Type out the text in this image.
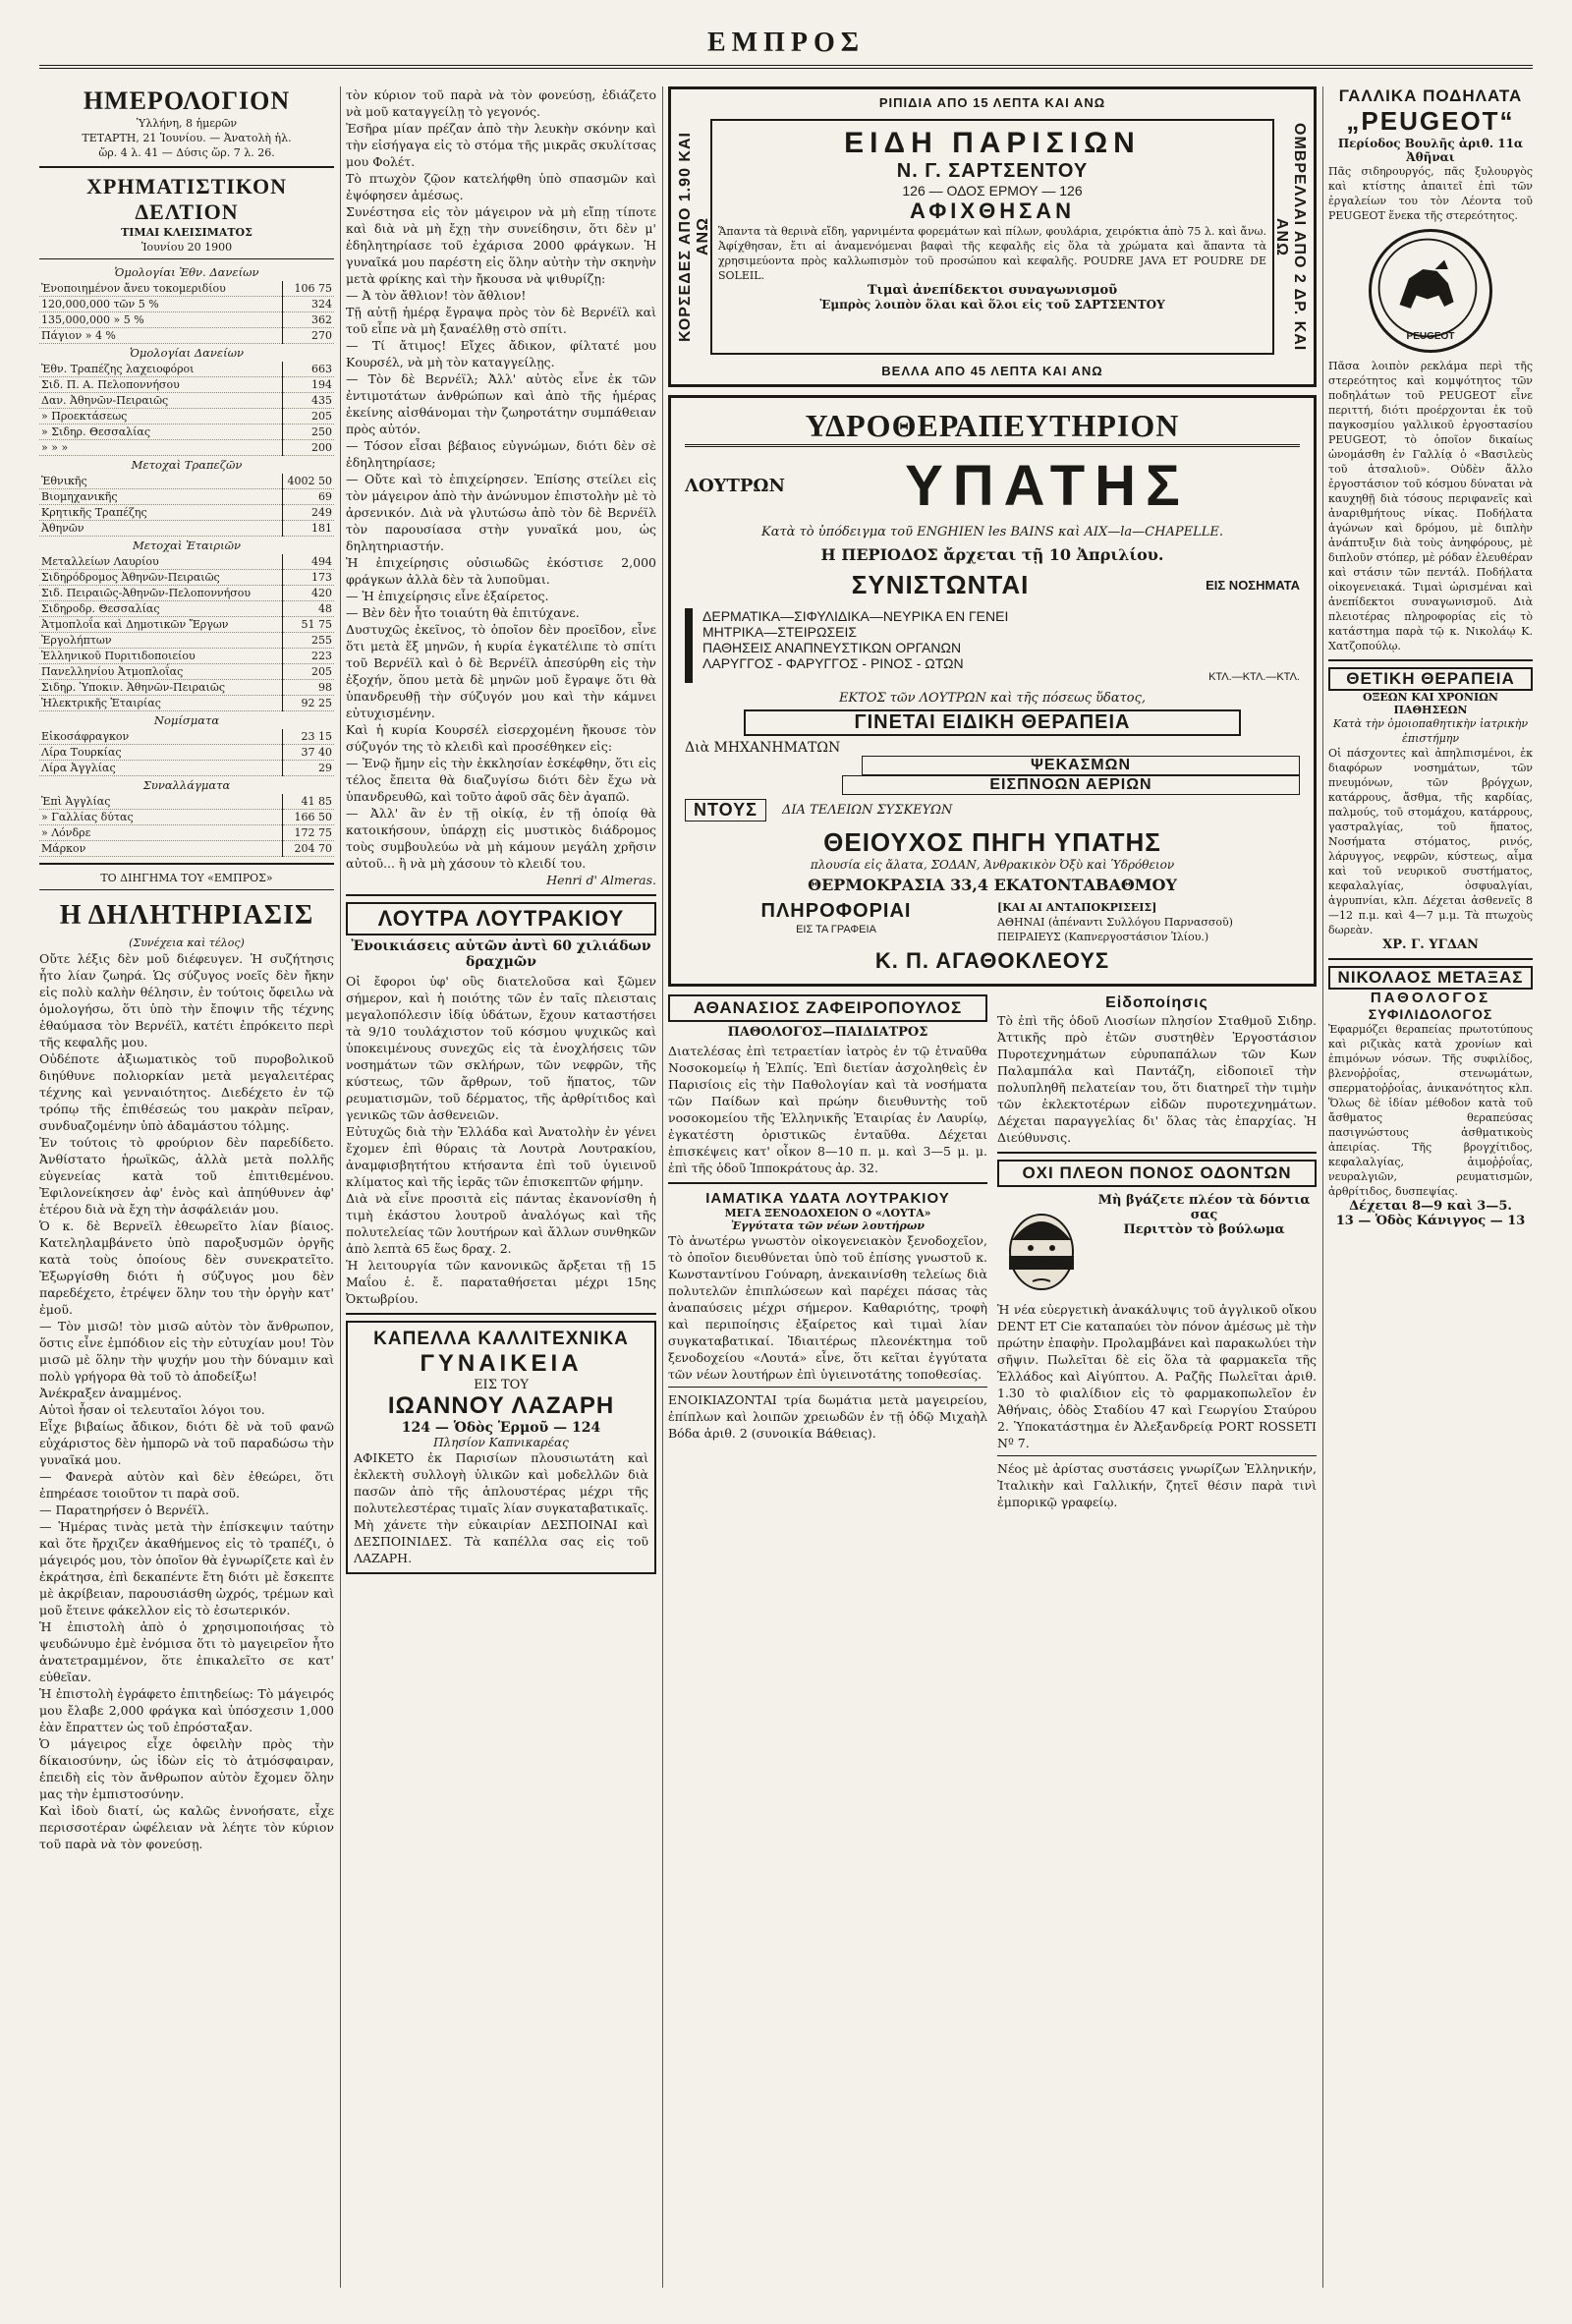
ΕΜΠΡΟΣ
ΗΜΕΡΟΛΟΓΙΟΝ
Ὑλλήνη, 8 ἡμερῶν
ΤΕΤΑΡΤΗ, 21 Ἰουνίου. — Ἀνατολὴ ἡλ.
ὥρ. 4 λ. 41 — Δύσις ὥρ. 7 λ. 26.
ΧΡΗΜΑΤΙΣΤΙΚΟΝ ΔΕΛΤΙΟΝ
ΤΙΜΑΙ ΚΛΕΙΣΙΜΑΤΟΣ
Ἰουνίου 20 1900
Ὁμολογίαι Ἐθν. Δανείων
Ἐνοποιημένον ἄνευ τοκομεριδίου	106 75
120,000,000 τῶν 5 %	324
135,000,000 » 5 %	362
Πάγιον » 4 %	270
Ὁμολογίαι Δανείων
Ἐθν. Τραπέζης λαχειοφόροι	663
Σιδ. Π. Α. Πελοποννήσου	194
Δαν. Ἀθηνῶν-Πειραιῶς	435
» Προεκτάσεως	205
» Σιδηρ. Θεσσαλίας	250
» » »	200
Μετοχαὶ Τραπεζῶν
Ἐθνικῆς	4002 50
Βιομηχανικῆς	69
Κρητικῆς Τραπέζης	249
Ἀθηνῶν	181
Μετοχαὶ Ἑταιριῶν
Μεταλλείων Λαυρίου	494
Σιδηρόδρομος Ἀθηνῶν-Πειραιῶς	173
Σιδ. Πειραιῶς-Ἀθηνῶν-Πελοποννήσου	420
Σιδηροδρ. Θεσσαλίας	48
Ἀτμοπλοΐα καὶ Δημοτικῶν Ἔργων	51 75
Ἐργολήπτων	255
Ἑλληνικοῦ Πυριτιδοποιείου	223
Πανελληνίου Ἀτμοπλοΐας	205
Σιδηρ. Ὑποκιν. Ἀθηνῶν-Πειραιῶς	98
Ἠλεκτρικῆς Ἑταιρίας	92 25
Νομίσματα
Εἰκοσάφραγκον	23 15
Λίρα Τουρκίας	37 40
Λίρα Ἀγγλίας	29
Συναλλάγματα
Ἐπὶ Ἀγγλίας	41 85
» Γαλλίας δύτας	166 50
» Λόνδρε	172 75
Μάρκον	204 70
ΤΟ ΔΙΗΓΗΜΑ ΤΟΥ «ΕΜΠΡΟΣ»
Η ΔΗΛΗΤΗΡΙΑΣΙΣ
(Συνέχεια καὶ τέλος)

Οὔτε λέξις δὲν μοῦ διέφευγεν. Ἡ συζήτησις ἦτο λίαν ζωηρά. Ὡς σύζυγος νοεῖς δὲν ἤκην εἰς πολὺ καλὴν θέλησιν, ἐν τούτοις ὄφειλω νὰ ὁμολογήσω, ὅτι ὑπὸ τὴν ἔποψιν τῆς τέχνης ἐθαύμασα τὸν Βερνέϊλ, κατέτι ἐπρόκειτο περὶ τῆς κεφαλῆς μου.

Οὐδέποτε ἀξιωματικὸς τοῦ πυροβολικοῦ διηύθυνε πολιορκίαν μετὰ μεγαλειτέρας τέχνης καὶ γενναιότητος. Διεδέχετο ἐν τῷ τρόπῳ τῆς ἐπιθέσεώς του μακρὰν πεῖραν, συνδυαζομένην ὑπὸ ἀδαμάστου τόλμης.

Ἐν τούτοις τὸ φρούριον δὲν παρεδίδετο. Ἀνθίστατο ἡρωϊκῶς, ἀλλὰ μετὰ πολλῆς εὐγενείας κατὰ τοῦ ἐπιτιθεμένου. Ἐφιλονείκησεν ἀφ' ἑνὸς καὶ ἀπηύθυνεν ἀφ' ἑτέρου διὰ νὰ ἔχη τὴν ἀσφάλειάν μου.

Ὁ κ. δὲ Βερνεϊλ ἐθεωρεῖτο λίαν βίαιος. Κατεληλαμβάνετο ὑπὸ παροξυσμῶν ὀργῆς κατὰ τοὺς ὁποίους δὲν συνεκρατεῖτο. Ἐξωργίσθη διότι ἡ σύζυγος μου δὲν παρεδέχετο, ἐτρέψεν ὅλην του τὴν ὀργὴν κατ' ἐμοῦ.

— Τὸν μισῶ! τὸν μισῶ αὐτὸν τὸν ἄνθρωπον, ὅστις εἶνε ἐμπόδιον εἰς τὴν εὐτυχίαν μου! Τὸν μισῶ μὲ ὅλην τὴν ψυχήν μου τὴν δύναμιν καὶ πολὺ γρήγορα θὰ τοῦ τὸ ἀποδείξω!

Ἀνέκραξεν ἀναμμένος.

Αὐτοὶ ἦσαν οἱ τελευταῖοι λόγοι του.

Εἶχε βιβαίως ἄδικον, διότι δὲ νὰ τοῦ φανῶ εὐχάριστος δὲν ἠμπορῶ νὰ τοῦ παραδώσω τὴν γυναῖκά μου.

— Φανερὰ αὐτὸν καὶ δὲν ἐθεώρει, ὅτι ἐπηρέασε τοιοῦτον τι παρὰ σοῦ.

— Παρατηρήσεν ὁ Βερνέϊλ.

— Ἡμέρας τινὰς μετὰ τὴν ἐπίσκεψιν ταύτην καὶ ὅτε ἤρχιζεν ἀκαθήμενος εἰς τὸ τραπέζι, ὁ μάγειρός μου, τὸν ὁποῖον θὰ ἐγνωρίζετε καὶ ἐν ἐκράτησα, ἐπὶ δεκαπέντε ἔτη διότι μὲ ἔσκεπτε μὲ ἀκρίβειαν, παρουσιάσθη ὠχρός, τρέμων καὶ μοῦ ἔτεινε φάκελλον εἰς τὸ ἐσωτερικόν.

Ἡ ἐπιστολὴ ἀπὸ ὁ χρησιμοποιήσας τὸ ψευδώνυμο ἐμὲ ἐνόμισα ὅτι τὸ μαγειρεῖον ἦτο ἀνατετραμμένον, ὅτε ἐπικαλεῖτο σε κατ' εὐθεῖαν.

Ἡ ἐπιστολὴ ἐγράφετο ἐπιτηδείως: Τὸ μάγειρός μου ἔλαβε 2,000 φράγκα καὶ ὑπόσχεσιν 1,000 ἐὰν ἔπραττεν ὡς τοῦ ἐπρόσταξαν.

Ὁ μάγειρος εἶχε ὀφειλὴν πρὸς τὴν δίκαιοσύνην, ὡς ἰδὼν εἰς τὸ ἀτμόσφαιραν, ἐπειδὴ εἰς τὸν ἄνθρωπον αὐτὸν ἔχομεν ὅλην μας τὴν ἐμπιστοσύνην.

Καὶ ἰδοὺ διατί, ὡς καλῶς ἐννοήσατε, εἶχε περισσοτέραν ὠφέλειαν νὰ λέητε τὸν κύριον τοῦ παρὰ νὰ τὸν φονεύσῃ.

τὸν κύριον τοῦ παρὰ νὰ τὸν φονεύσῃ, ἐδιάζετο νὰ μοῦ καταγγείλῃ τὸ γεγονός.

Ἐσῆρα μίαν πρέζαν ἀπὸ τὴν λευκὴν σκόνην καὶ τὴν εἰσήγαγα εἰς τὸ στόμα τῆς μικρᾶς σκυλίτσας μου Φολέτ.

Τὸ πτωχὸν ζῷον κατελήφθη ὑπὸ σπασμῶν καὶ ἐψόφησεν ἀμέσως.

Συνέστησα εἰς τὸν μάγειρον νὰ μὴ εἴπῃ τίποτε καὶ διὰ νὰ μὴ ἔχῃ τὴν συνείδησιν, ὅτι δὲν μ' ἐδηλητηρίασε τοῦ ἐχάρισα 2000 φράγκων. Ἡ γυναῖκά μου παρέστη εἰς ὅλην αὐτὴν τὴν σκηνὴν μετὰ φρίκης καὶ τὴν ἤκουσα νὰ ψιθυρίζῃ:

— Ἀ τὸν ἄθλιον! τὸν ἄθλιον!

Τῇ αὐτῇ ἡμέρᾳ ἔγραψα πρὸς τὸν δὲ Βερνέϊλ καὶ τοῦ εἶπε νὰ μὴ ξαναέλθῃ στὸ σπίτι.

— Τί ἄτιμος! Εἴχες ἄδικον, φίλτατέ μου Κουρσέλ, νὰ μὴ τὸν καταγγείλῃς.

— Τὸν δὲ Βερνέϊλ; Ἀλλ' αὐτὸς εἶνε ἐκ τῶν ἐντιμοτάτων ἀνθρώπων καὶ ἀπὸ τῆς ἡμέρας ἐκείνης αἰσθάνομαι τὴν ζωηροτάτην συμπάθειαν πρὸς αὐτόν.

— Τόσον εἶσαι βέβαιος εὐγνώμων, διότι δὲν σὲ ἐδηλητηρίασε;

— Οὔτε καὶ τὸ ἐπιχείρησεν. Ἐπίσης στείλει εἰς τὸν μάγειρον ἀπὸ τὴν ἀνώνυμον ἐπιστολὴν μὲ τὸ ἀρσενικόν. Διὰ νὰ γλυτώσω ἀπὸ τὸν δὲ Βερνέϊλ τὸν παρουσίασα στὴν γυναῖκά μου, ὡς δηλητηριαστήν.

Ἡ ἐπιχείρησις οὐσιωδῶς ἐκόστισε 2,000 φράγκων ἀλλὰ δὲν τὰ λυποῦμαι.

— Ἡ ἐπιχείρησις εἶνε ἐξαίρετος.

— Βὲν δὲν ἦτο τοιαύτη θὰ ἐπιτύχανε.

Δυστυχῶς ἐκεῖνος, τὸ ὁποῖον δὲν προεῖδον, εἶνε ὅτι μετὰ ἕξ μηνῶν, ἡ κυρία ἐγκατέλιπε τὸ σπίτι τοῦ Βερνέϊλ καὶ ὁ δὲ Βερνέϊλ ἀπεσύρθη εἰς τὴν ἐξοχήν, ὅπου μετὰ δὲ μηνῶν μοῦ ἔγραψε ὅτι θὰ ὑπανδρευθῇ τὴν σύζυγόν μου καὶ τὴν κάμνει εὐτυχισμένην.

Καὶ ἡ κυρία Κουρσέλ εἰσερχομένη ἤκουσε τὸν σύζυγόν της τὸ κλειδὶ καὶ προσέθηκεν εἰς:

— Ἐνῷ ἤμην εἰς τὴν ἐκκλησίαν ἐσκέφθην, ὅτι εἰς τέλος ἔπειτα θὰ διαζυγίσω διότι δὲν ἔχω νὰ ὑπανδρευθῶ, καὶ τοῦτο ἀφοῦ σᾶς δὲν ἀγαπῶ.

— Ἀλλ' ἂν ἐν τῇ οἰκίᾳ, ἐν τῇ ὁποίᾳ θὰ κατοικήσουν, ὑπάρχῃ εἰς μυστικὸς διάδρομος τοὺς συμβουλεύω νὰ μὴ κάμουν μεγάλη χρῆσιν αὐτοῦ... ἢ νὰ μὴ χάσουν τὸ κλειδί του.

Henri d' Almeras.

ΛΟΥΤΡΑ ΛΟΥΤΡΑΚΙΟΥ
Ἐνοικιάσεις αὐτῶν ἀντὶ 60 χιλιάδων δραχμῶν

Οἱ ἔφοροι ὑφ' οὓς διατελοῦσα καὶ ξῶμεν σήμερον, καὶ ἡ ποιότης τῶν ἐν ταῖς πλεισταις μεγαλοπόλεσιν ἰδίᾳ ὑδάτων, ἔχουν καταστήσει τὰ 9/10 τουλάχιστον τοῦ κόσμου ψυχικῶς καὶ ὑποκειμένους συνεχῶς εἰς τὰ ἐνοχλήσεις τῶν νοσημάτων τῶν σκλήρων, τῶν νεφρῶν, τῆς κύστεως, τῶν ἄρθρων, τοῦ ἥπατος, τῶν ρευματισμῶν, τοῦ δέρματος, τῆς ἀρθρίτιδος καὶ γενικῶς τῶν ἀσθενειῶν.

Εὐτυχῶς διὰ τὴν Ἑλλάδα καὶ Ἀνατολὴν ἐν γένει ἔχομεν ἐπὶ θύραις τὰ Λουτρὰ Λουτρακίου, ἀναμφισβητήτου κτήσαντα ἐπὶ τοῦ ὑγιεινοῦ κλίματος καὶ τῆς ἱερᾶς τῶν ἐπισκεπτῶν φήμην.

Διὰ νὰ εἶνε προσιτὰ εἰς πάντας ἐκανονίσθη ἡ τιμὴ ἑκάστου λουτροῦ ἀναλόγως καὶ τῆς πολυτελείας τῶν λουτήρων καὶ ἄλλων συνθηκῶν ἀπὸ λεπτὰ 65 ἕως δραχ. 2.

Ἡ λειτουργία τῶν κανονικῶς ἄρξεται τῇ 15 Μαΐου ἐ. ἔ. παραταθήσεται μέχρι 15ης Ὀκτωβρίου.

ΚΑΠΕΛΛΑ ΚΑΛΛΙΤΕΧΝΙΚΑ
ΓΥΝΑΙΚΕΙΑ
ΕΙΣ ΤΟΥ
ΙΩΑΝΝΟΥ ΛΑΖΑΡΗ
124 — Ὁδὸς Ἑρμοῦ — 124
Πλησίον Καπνικαρέας

ΑΦΙΚΕΤΟ ἐκ Παρισίων πλουσιωτάτη καὶ ἐκλεκτὴ συλλογὴ ὑλικῶν καὶ μοδελλῶν διὰ πασῶν ἀπὸ τῆς ἁπλουστέρας μέχρι τῆς πολυτελεστέρας τιμαῖς λίαν συγκαταβατικαῖς. Μὴ χάνετε τὴν εὐκαιρίαν ΔΕΣΠΟΙΝΑΙ καὶ ΔΕΣΠΟΙΝΙΔΕΣ. Τὰ καπέλλα σας εἰς τοῦ ΛΑΖΑΡΗ.

ΡΙΠΙΔΙΑ ΑΠΟ 15 ΛΕΠΤΑ ΚΑΙ ΑΝΩ
ΒΕΛΛΑ ΑΠΟ 45 ΛΕΠΤΑ ΚΑΙ ΑΝΩ
ΚΟΡΣΕΔΕΣ ΑΠΟ 1.90 ΚΑΙ ΑΝΩ	ΟΜΒΡΕΛΛΑΙ ΑΠΟ 2 ΔΡ. ΚΑΙ ΑΝΩ
ΕΙΔΗ ΠΑΡΙΣΙΩΝ
Ν. Γ. ΣΑΡΤΣΕΝΤΟΥ
126 — ΟΔΟΣ ΕΡΜΟΥ — 126
ΑΦΙΧΘΗΣΑΝ

Ἅπαντα τὰ θερινὰ εἴδη, γαρνιμέντα φορεμάτων καὶ πίλων, φουλάρια, χειρόκτια ἀπὸ 75 λ. καὶ ἄνω. Ἀφίχθησαν, ἔτι αἱ ἀναμενόμεναι βαφαὶ τῆς κεφαλῆς εἰς ὅλα τὰ χρώματα καὶ ἅπαντα τὰ χρησιμεύοντα πρὸς καλλωπισμὸν τοῦ προσώπου καὶ κεφαλῆς. POUDRE JAVA ET POUDRE DE SOLEIL.

Τιμαὶ ἀνεπίδεκτοι συναγωνισμοῦ
Ἐμπρὸς λοιπὸν ὅλαι καὶ ὅλοι εἰς τοῦ ΣΑΡΤΣΕΝΤΟΥ
ΥΔΡΟΘΕΡΑΠΕΥΤΗΡΙΟΝ
ΛΟΥΤΡΩΝ	ΥΠΑΤΗΣ
Κατὰ τὸ ὑπόδειγμα τοῦ ENGHIEN les BAINS καὶ AIX—la—CHAPELLE.
Η ΠΕΡΙΟΔΟΣ ἄρχεται τῇ 10 Ἀπριλίου.
ΣΥΝΙΣΤΩΝΤΑΙ	ΕΙΣ ΝΟΣΗΜΑΤΑ
ΔΕΡΜΑΤΙΚΑ—ΣΙΦΥΛΙΔΙΚΑ—ΝΕΥΡΙΚΑ ΕΝ ΓΕΝΕΙ
ΜΗΤΡΙΚΑ—ΣΤΕΙΡΩΣΕΙΣ
ΠΑΘΗΣΕΙΣ ΑΝΑΠΝΕΥΣΤΙΚΩΝ ΟΡΓΑΝΩΝ
ΛΑΡΥΓΓΟΣ - ΦΑΡΥΓΓΟΣ - ΡΙΝΟΣ - ΩΤΩΝ
ΚΤΛ.—ΚΤΛ.—ΚΤΛ.
ΕΚΤΟΣ τῶν ΛΟΥΤΡΩΝ καὶ τῆς πόσεως ὕδατος,
ΓΙΝΕΤΑΙ ΕΙΔΙΚΗ ΘΕΡΑΠΕΙΑ
Διὰ ΜΗΧΑΝΗΜΑΤΩΝ
ΨΕΚΑΣΜΩΝ
ΕΙΣΠΝΟΩΝ ΑΕΡΙΩΝ
ΝΤΟΥΣ	ΔΙΑ ΤΕΛΕΙΩΝ ΣΥΣΚΕΥΩΝ
ΘΕΙΟΥΧΟΣ ΠΗΓΗ ΥΠΑΤΗΣ
πλουσία εἰς ἄλατα, ΣΟΔΑΝ, Ἀνθρακικὸν Ὀξὺ καὶ Ὑδρόθειον
ΘΕΡΜΟΚΡΑΣΙΑ 33,4 ΕΚΑΤΟΝΤΑΒΑΘΜΟΥ
ΠΛΗΡΟΦΟΡΙΑΙ
ΕΙΣ ΤΑ ΓΡΑΦΕΙΑ
[ΚΑΙ ΑΙ ΑΝΤΑΠΟΚΡΙΣΕΙΣ]
ΑΘΗΝΑΙ (ἀπέναντι Συλλόγου Παρνασσοῦ)
ΠΕΙΡΑΙΕΥΣ (Καπνεργοστάσιον Ἰλίου.)
Κ. Π. ΑΓΑΘΟΚΛΕΟΥΣ
ΑΘΑΝΑΣΙΟΣ ΖΑΦΕΙΡΟΠΟΥΛΟΣ
ΠΑΘΟΛΟΓΟΣ—ΠΑΙΔΙΑΤΡΟΣ

Διατελέσας ἐπὶ τετραετίαν ἰατρὸς ἐν τῷ ἐτναῦθα Νοσοκομείῳ ἡ Ἐλπίς. Ἐπὶ διετίαν ἀσχοληθεὶς ἐν Παρισίοις εἰς τὴν Παθολογίαν καὶ τὰ νοσήματα τῶν Παίδων καὶ πρώην διευθυντὴς τοῦ νοσοκομείου τῆς Ἑλληνικῆς Ἑταιρίας ἐν Λαυρίῳ, ἐγκατέστη ὁριστικῶς ἐνταῦθα. Δέχεται ἐπισκέψεις κατ' οἶκον 8—10 π. μ. καὶ 3—5 μ. μ. ἐπὶ τῆς ὁδοῦ Ἱπποκράτους ἀρ. 32.

ΙΑΜΑΤΙΚΑ ΥΔΑΤΑ ΛΟΥΤΡΑΚΙΟΥ
ΜΕΓΑ ΞΕΝΟΔΟΧΕΙΟΝ Ο «ΛΟΥΤΑ»
Ἐγγύτατα τῶν νέων λουτήρων

Τὸ ἀνωτέρω γνωστὸν οἰκογενειακὸν ξενοδοχεῖον, τὸ ὁποῖον διευθύνεται ὑπὸ τοῦ ἐπίσης γνωστοῦ κ. Κωνσταντίνου Γούναρη, ἀνεκαινίσθη τελείως διὰ πολυτελῶν ἐπιπλώσεων καὶ παρέχει πάσας τὰς ἀναπαύσεις μέχρι σήμερον. Καθαριότης, τροφὴ καὶ περιποίησις ἐξαίρετος καὶ τιμαὶ λίαν συγκαταβατικαί. Ἰδιαιτέρως πλεονέκτημα τοῦ ξενοδοχείου «Λουτά» εἶνε, ὅτι κεῖται ἐγγύτατα τῶν νέων λουτήρων ἐπὶ ὑγιεινοτάτης τοποθεσίας.

ΕΝΟΙΚΙΑΖΟΝΤΑΙ τρία δωμάτια μετὰ μαγειρείου, ἐπίπλων καὶ λοιπῶν χρειωδῶν ἐν τῇ ὁδῷ Μιχαὴλ Βόδα ἀριθ. 2 (συνοικία Βάθειας).

Εἰδοποίησις

Τὸ ἐπὶ τῆς ὁδοῦ Λιοσίων πλησίον Σταθμοῦ Σιδηρ. Ἀττικῆς πρὸ ἐτῶν συστηθὲν Ἐργοστάσιον Πυροτεχνημάτων εὐρυπαπάλων τῶν Κων Παλαμπάλα καὶ Παντάζη, εἰδοποιεῖ τὴν πολυπληθῆ πελατείαν του, ὅτι διατηρεῖ τὴν τιμὴν τῶν ἐκλεκτοτέρων εἰδῶν πυροτεχνημάτων. Δέχεται παραγγελίας δι' ὅλας τὰς ἐπαρχίας. Ἡ Διεύθυνσις.

ΟΧΙ ΠΛΕΟΝ ΠΟΝΟΣ ΟΔΟΝΤΩΝ
Μὴ βγάζετε πλέον τὰ δόντια σας
Περιττὸν τὸ βούλωμα

Ἡ νέα εὐεργετικὴ ἀνακάλυψις τοῦ ἀγγλικοῦ οἴκου DENT ET Cie καταπαύει τὸν πόνον ἀμέσως μὲ τὴν πρώτην ἐπαφὴν. Προλαμβάνει καὶ παρακωλύει τὴν σῆψιν. Πωλεῖται δὲ εἰς ὅλα τὰ φαρμακεῖα τῆς Ἑλλάδος καὶ Αἰγύπτου. Α. Ραζῆς Πωλεῖται ἀριθ. 1.30 τὸ φιαλίδιον εἰς τὸ φαρμακοπωλεῖον ἐν Ἀθήναις, ὁδὸς Σταδίου 47 καὶ Γεωργίου Σταύρου 2. Ὑποκατάστημα ἐν Ἀλεξανδρείᾳ PORT ROSSETI Nº 7.

Νέος μὲ ἀρίστας συστάσεις γνωρίζων Ἑλληνικήν, Ἰταλικὴν καὶ Γαλλικήν, ζητεῖ θέσιν παρὰ τινὶ ἐμπορικῷ γραφείῳ.

ΓΑΛΛΙΚΑ ΠΟΔΗΛΑΤΑ
„PEUGEOT“
Περίοδος Βουλῆς ἀριθ. 11α Ἀθῆναι

Πᾶς σιδηρουργός, πᾶς ξυλουργὸς καὶ κτίστης ἀπαιτεῖ ἐπὶ τῶν ἐργαλείων του τὸν Λέοντα τοῦ PEUGEOT ἕνεκα τῆς στερεότητος.

PEUGEOT

Πᾶσα λοιπὸν ρεκλάμα περὶ τῆς στερεότητος καὶ κομψότητος τῶν ποδηλάτων τοῦ PEUGEOT εἶνε περιττή, διότι προέρχονται ἐκ τοῦ παγκοσμίου γαλλικοῦ ἐργοστασίου PEUGEOT, τὸ ὁποῖον δικαίως ὠνομάσθη ἐν Γαλλίᾳ ὁ «Βασιλεὺς τοῦ ἀτσαλιοῦ». Οὐδὲν ἄλλο ἐργοστάσιον τοῦ κόσμου δύναται νὰ καυχηθῇ διὰ τόσους περιφανεῖς καὶ ἀναριθμήτους νίκας. Ποδήλατα ἀγώνων καὶ δρόμου, μὲ διπλὴν ἀνάπτυξιν διὰ τοὺς ἀνηφόρους, μὲ διπλοῦν στόπερ, μὲ ρόδαν ἐλευθέραν καὶ στάσιν τῶν πεντάλ. Ποδήλατα οἰκογενειακά. Τιμαὶ ὡρισμέναι καὶ ἀνεπίδεκτοι συναγωνισμοῦ. Διὰ πλειοτέρας πληροφορίας εἰς τὸ κατάστημα παρὰ τῷ κ. Νικολάῳ Κ. Χατζοπούλῳ.

ΘΕΤΙΚΗ ΘΕΡΑΠΕΙΑ
ΟΞΕΩΝ ΚΑΙ ΧΡΟΝΙΩΝ ΠΑΘΗΣΕΩΝ
Κατὰ τὴν ὁμοιοπαθητικὴν ἰατρικὴν ἐπιστήμην

Οἱ πάσχοντες καὶ ἀπηλπισμένοι, ἐκ διαφόρων νοσημάτων, τῶν πνευμόνων, τῶν βρόγχων, κατάρρους, ἄσθμα, τῆς καρδίας, παλμούς, τοῦ στομάχου, κατάρρους, γαστραλγίας, τοῦ ἥπατος, Νοσήματα στόματος, ρινός, λάρυγγος, νεφρῶν, κύστεως, αἷμα καὶ τοῦ νευρικοῦ συστήματος, κεφαλαλγίας, ὀσφυαλγίαι, ἀγρυπνίαι, κλπ. Δέχεται ἀσθενεῖς 8—12 π.μ. καὶ 4—7 μ.μ. Τὰ πτωχοὺς δωρεὰν.

ΧΡ. Γ. ΥΓΔΑΝ
ΝΙΚΟΛΑΟΣ ΜΕΤΑΞΑΣ
ΠΑΘΟΛΟΓΟΣ
ΣΥΦΙΛΙΔΟΛΟΓΟΣ

Ἐφαρμόζει θεραπείας πρωτοτύπους καὶ ριζικὰς κατὰ χρονίων καὶ ἐπιμόνων νόσων. Τῆς συφιλίδος, βλενοῤῥοΐας, στενωμάτων, σπερματοῤῥοΐας, ἀνικανότητος κλπ. Ὅλως δὲ ἰδίαν μέθοδον κατὰ τοῦ ἄσθματος θεραπεύσας πασιγνώστους ἀσθματικοὺς ἀπειρίας. Τῆς βρογχίτιδος, κεφαλαλγίας, ἀιμοῤῥοΐας, νευραλγιῶν, ρευματισμῶν, ἀρθρίτιδος, δυσπεψίας.

Δέχεται 8—9 καὶ 3—5.
13 — Ὁδὸς Κάνιγγος — 13
